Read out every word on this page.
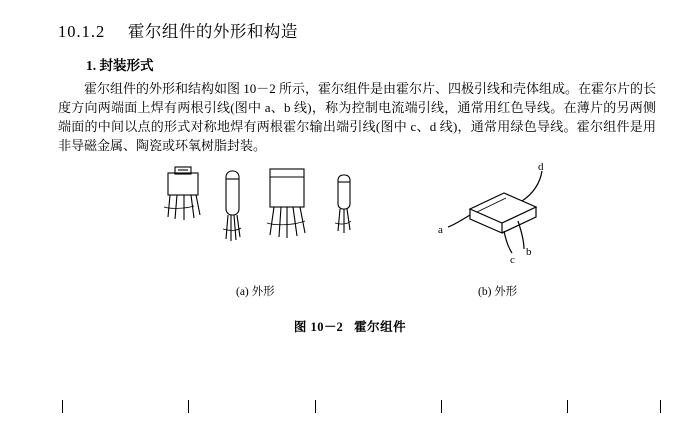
10.1.2 霍尔组件的外形和构造
1. 封装形式

霍尔组件的外形和结构如图 10－2 所示，霍尔组件是由霍尔片、四极引线和壳体组成。在霍尔片的长度方向两端面上焊有两根引线(图中 a、b 线)，称为控制电流端引线，通常用红色导线。在薄片的另两侧端面的中间以点的形式对称地焊有两根霍尔输出端引线(图中 c、d 线)，通常用绿色导线。霍尔组件是用非导磁金属、陶瓷或环氧树脂封装。

d
a
b
c
(a) 外形	(b) 外形
图 10－2 霍尔组件
